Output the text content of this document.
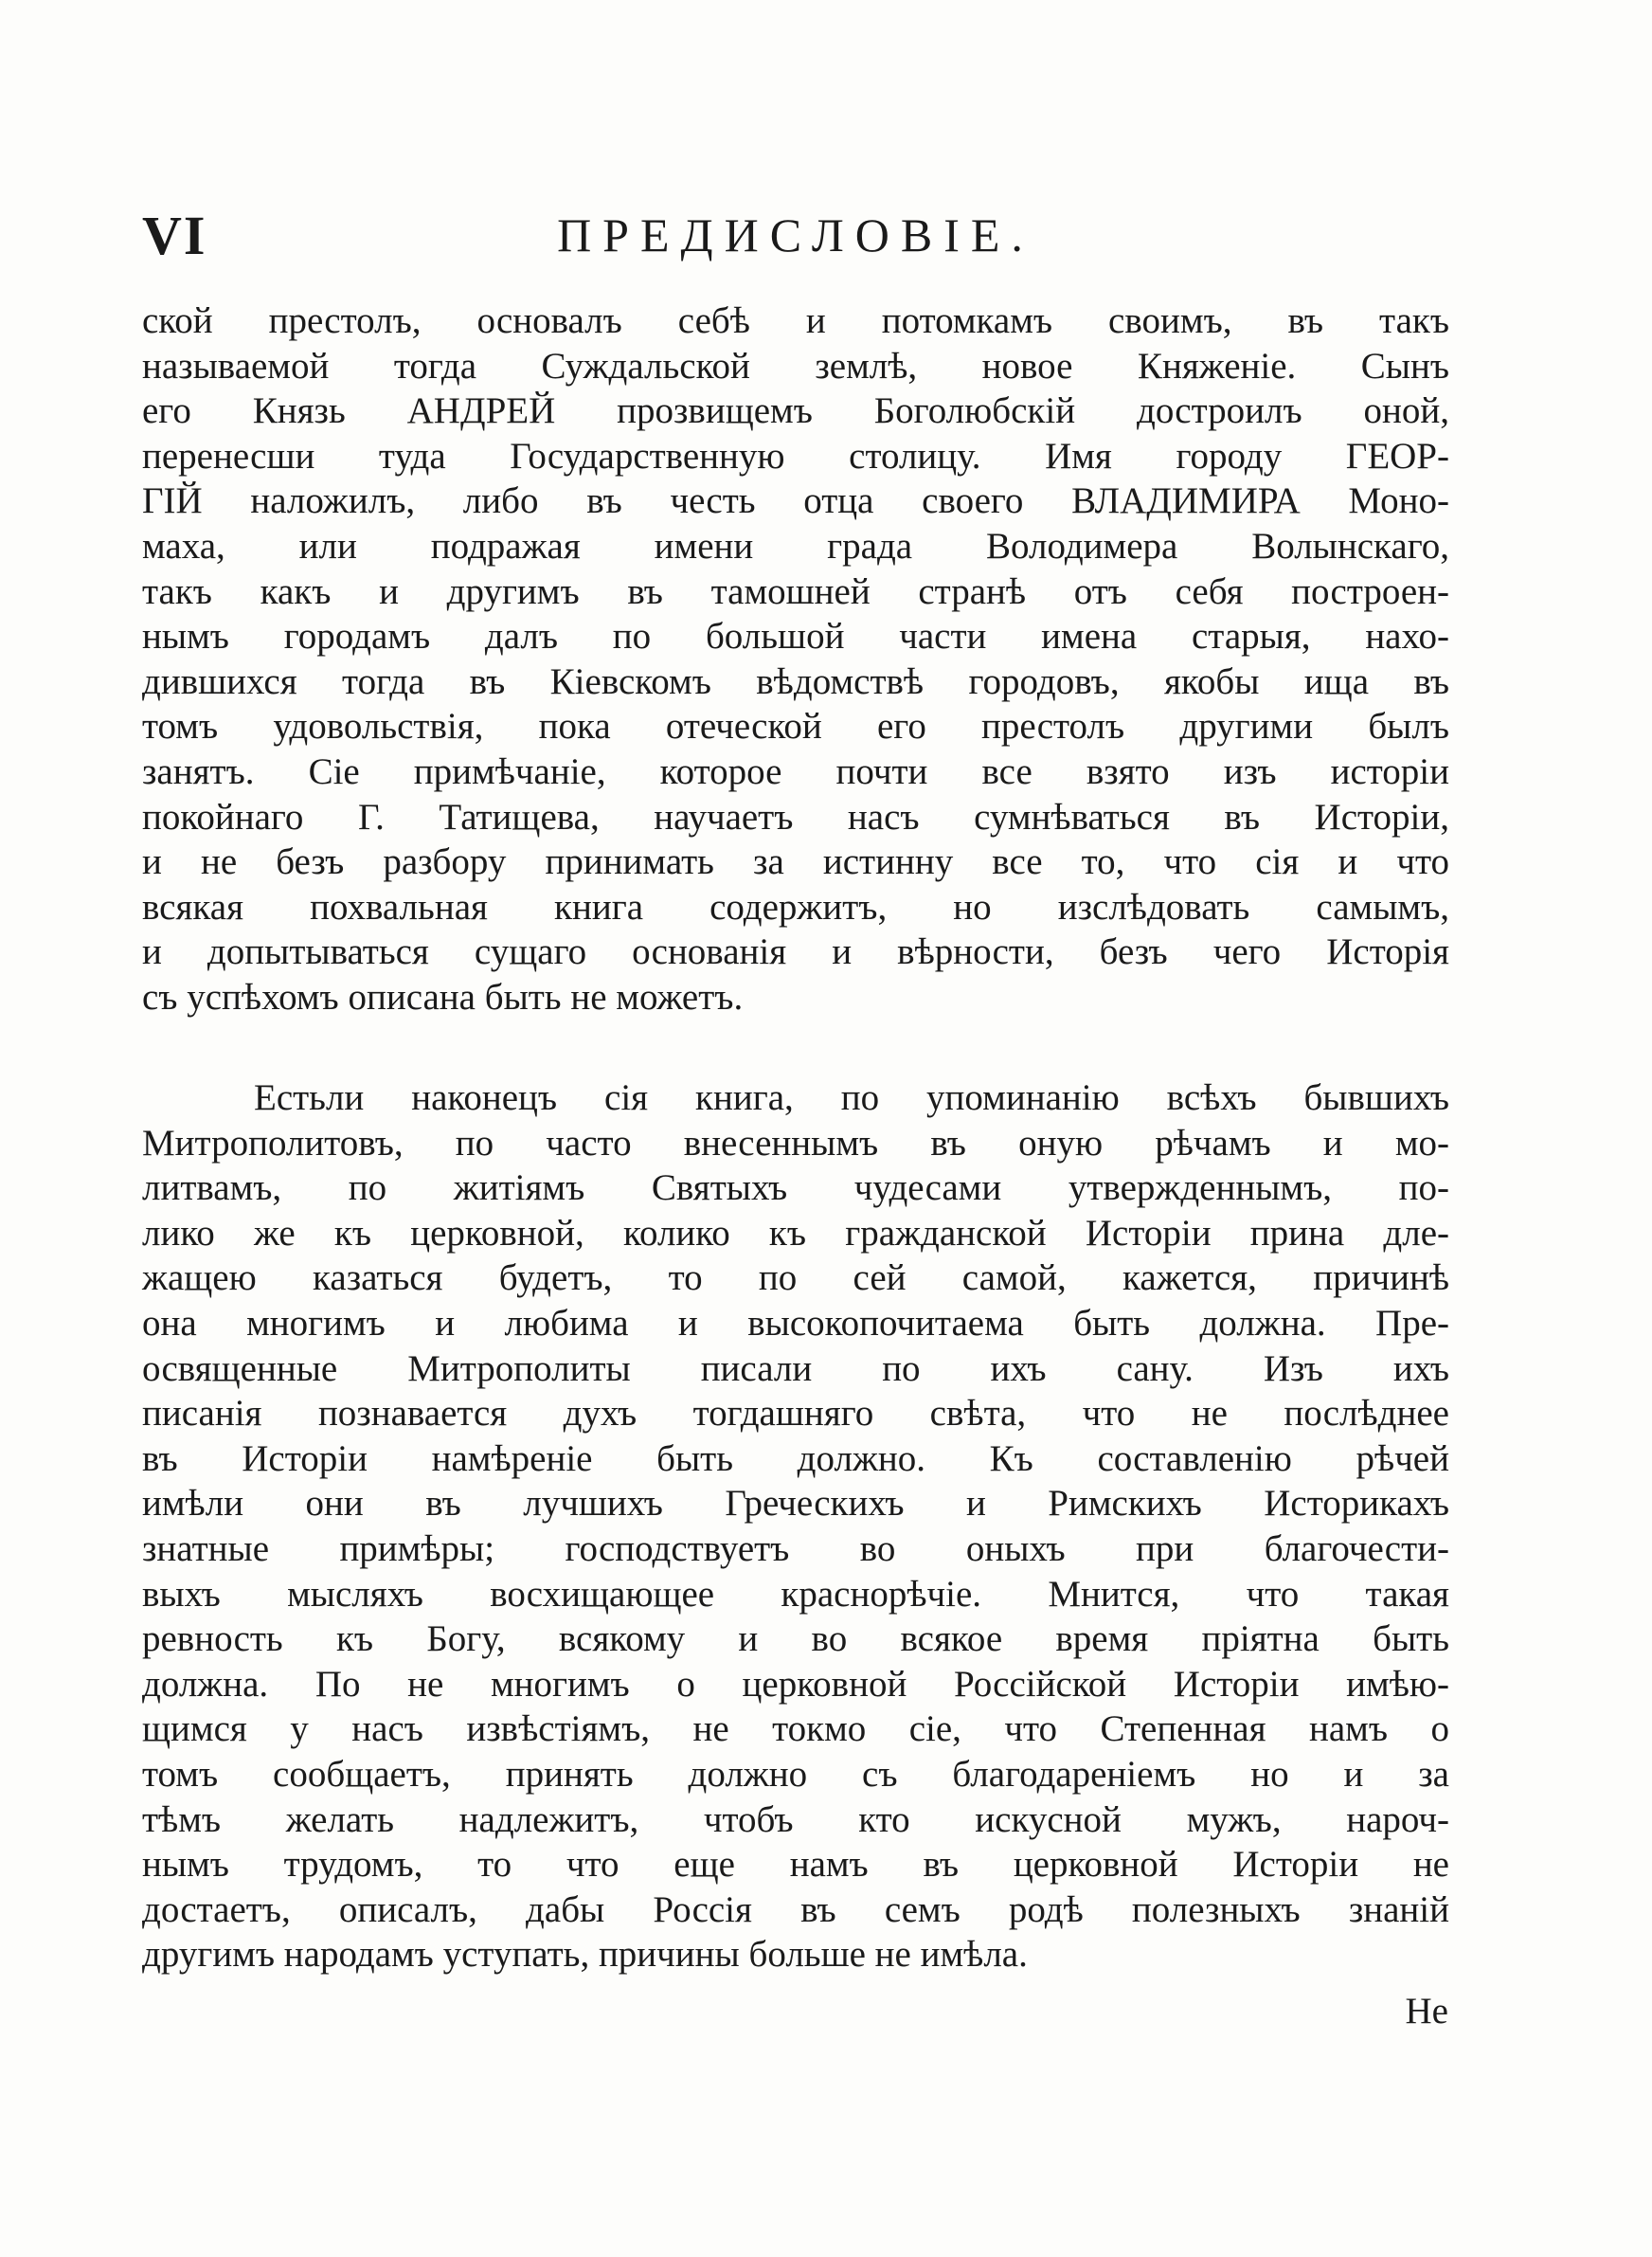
VI	ПРЕДИСЛОВІЕ.
ской престолъ, основалъ себѣ и потомкамъ своимъ, въ такъ
называемой тогда Суждальской землѣ, новое Княженіе. Сынъ
его Князь АНДРЕЙ прозвищемъ Боголюбскій достроилъ оной,
перенесши туда Государственную столицу. Имя городу ГЕОР-
ГІЙ наложилъ, либо въ честь отца своего ВЛАДИМИРА Моно-
маха, или подражая имени града Володимера Волынскаго,
такъ какъ и другимъ въ тамошней странѣ отъ себя построен-
нымъ городамъ далъ по большой части имена старыя, нахо-
дившихся тогда въ Кіевскомъ вѣдомствѣ городовъ, якобы ища въ
томъ удовольствія, пока отеческой его престолъ другими былъ
занятъ. Сіе примѣчаніе, которое почти все взято изъ исторіи
покойнаго Г. Татищева, научаетъ насъ сумнѣваться въ Исторіи,
и не безъ разбору принимать за истинну все то, что сія и что
всякая похвальная книга содержитъ, но изслѣдовать самымъ,
и допытываться сущаго основанія и вѣрности, безъ чего Исторія
съ успѣхомъ описана быть не можетъ.
Естьли наконецъ сія книга, по упоминанію всѣхъ бывшихъ
Митрополитовъ, по часто внесеннымъ въ оную рѣчамъ и мо-
литвамъ, по житіямъ Святыхъ чудесами утвержденнымъ, по-
лико же къ церковной, колико къ гражданской Исторіи прина дле-
жащею казаться будетъ, то по сей самой, кажется, причинѣ
она многимъ и любима и высокопочитаема быть должна. Пре-
освященные Митрополиты писали по ихъ сану. Изъ ихъ
писанія познавается духъ тогдашняго свѣта, что не послѣднее
въ Исторіи намѣреніе быть должно. Къ составленію рѣчей
имѣли они въ лучшихъ Греческихъ и Римскихъ Историкахъ
знатные примѣры; господствуетъ во оныхъ при благочести-
выхъ мысляхъ восхищающее краснорѣчіе. Мнится, что такая
ревность къ Богу, всякому и во всякое время пріятна быть
должна. По не многимъ о церковной Россійской Исторіи имѣю-
щимся у насъ извѣстіямъ, не токмо сіе, что Степенная намъ о
томъ сообщаетъ, принять должно съ благодареніемъ но и за
тѣмъ желать надлежитъ, чтобъ кто искусной мужъ, нароч-
нымъ трудомъ, то что еще намъ въ церковной Исторіи не
достаетъ, описалъ, дабы Россія въ семъ родѣ полезныхъ знаній
другимъ народамъ уступать, причины больше не имѣла.
Не
